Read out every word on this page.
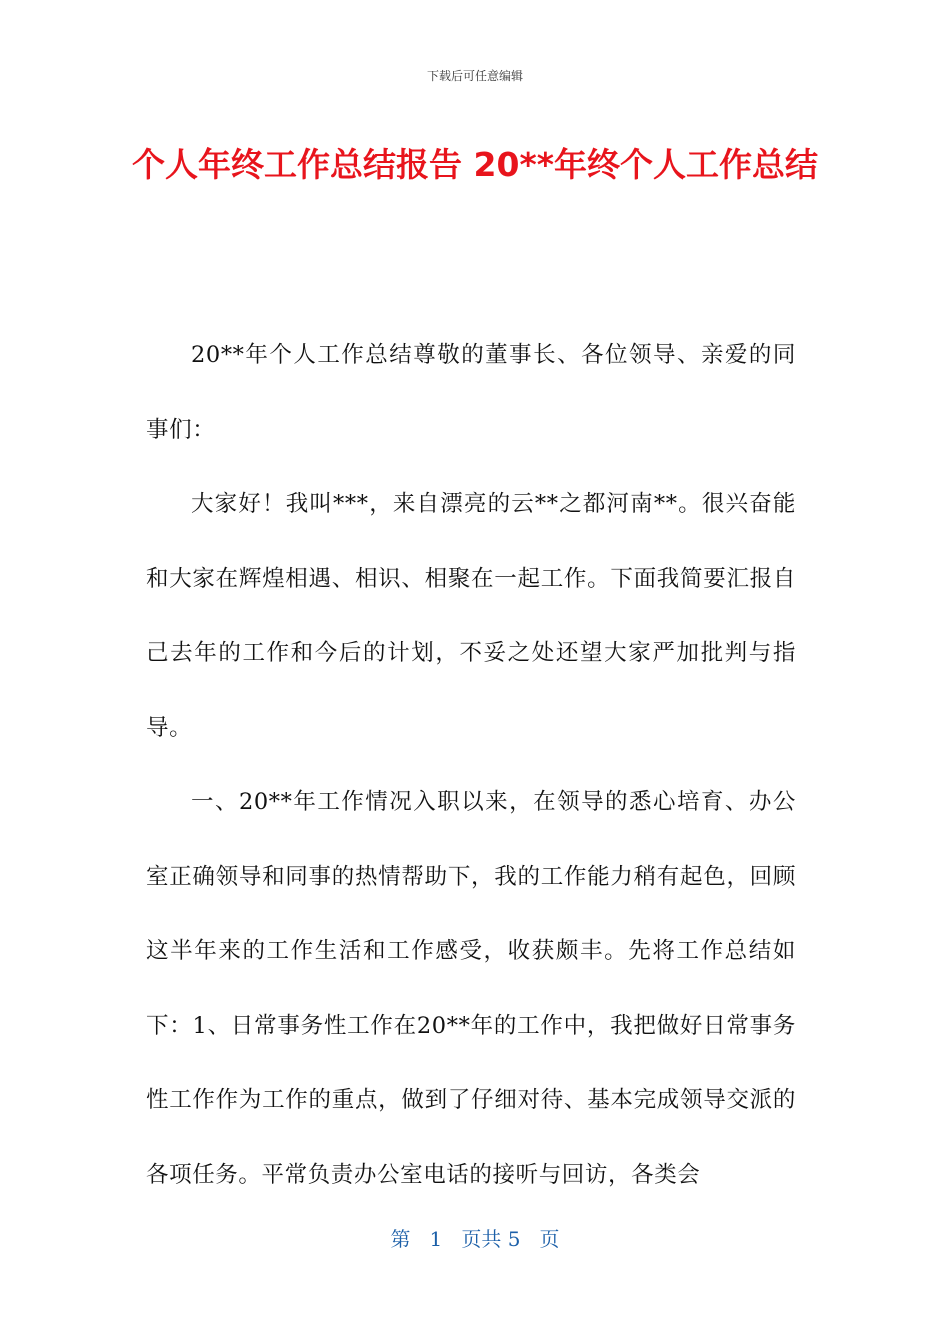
下载后可任意编辑
个人年终工作总结报告 20**年终个人工作总结

20**年个人工作总结尊敬的董事长、各位领导、亲爱的同事们：

大家好！我叫***，来自漂亮的云**之都河南**。很兴奋能和大家在辉煌相遇、相识、相聚在一起工作。下面我简要汇报自己去年的工作和今后的计划，不妥之处还望大家严加批判与指导。

一、20**年工作情况入职以来，在领导的悉心培育、办公室正确领导和同事的热情帮助下，我的工作能力稍有起色，回顾这半年来的工作生活和工作感受，收获颇丰。先将工作总结如下：1、日常事务性工作在20**年的工作中，我把做好日常事务性工作作为工作的重点，做到了仔细对待、基本完成领导交派的各项任务。平常负责办公室电话的接听与回访，各类会

第 1 页共 5 页
